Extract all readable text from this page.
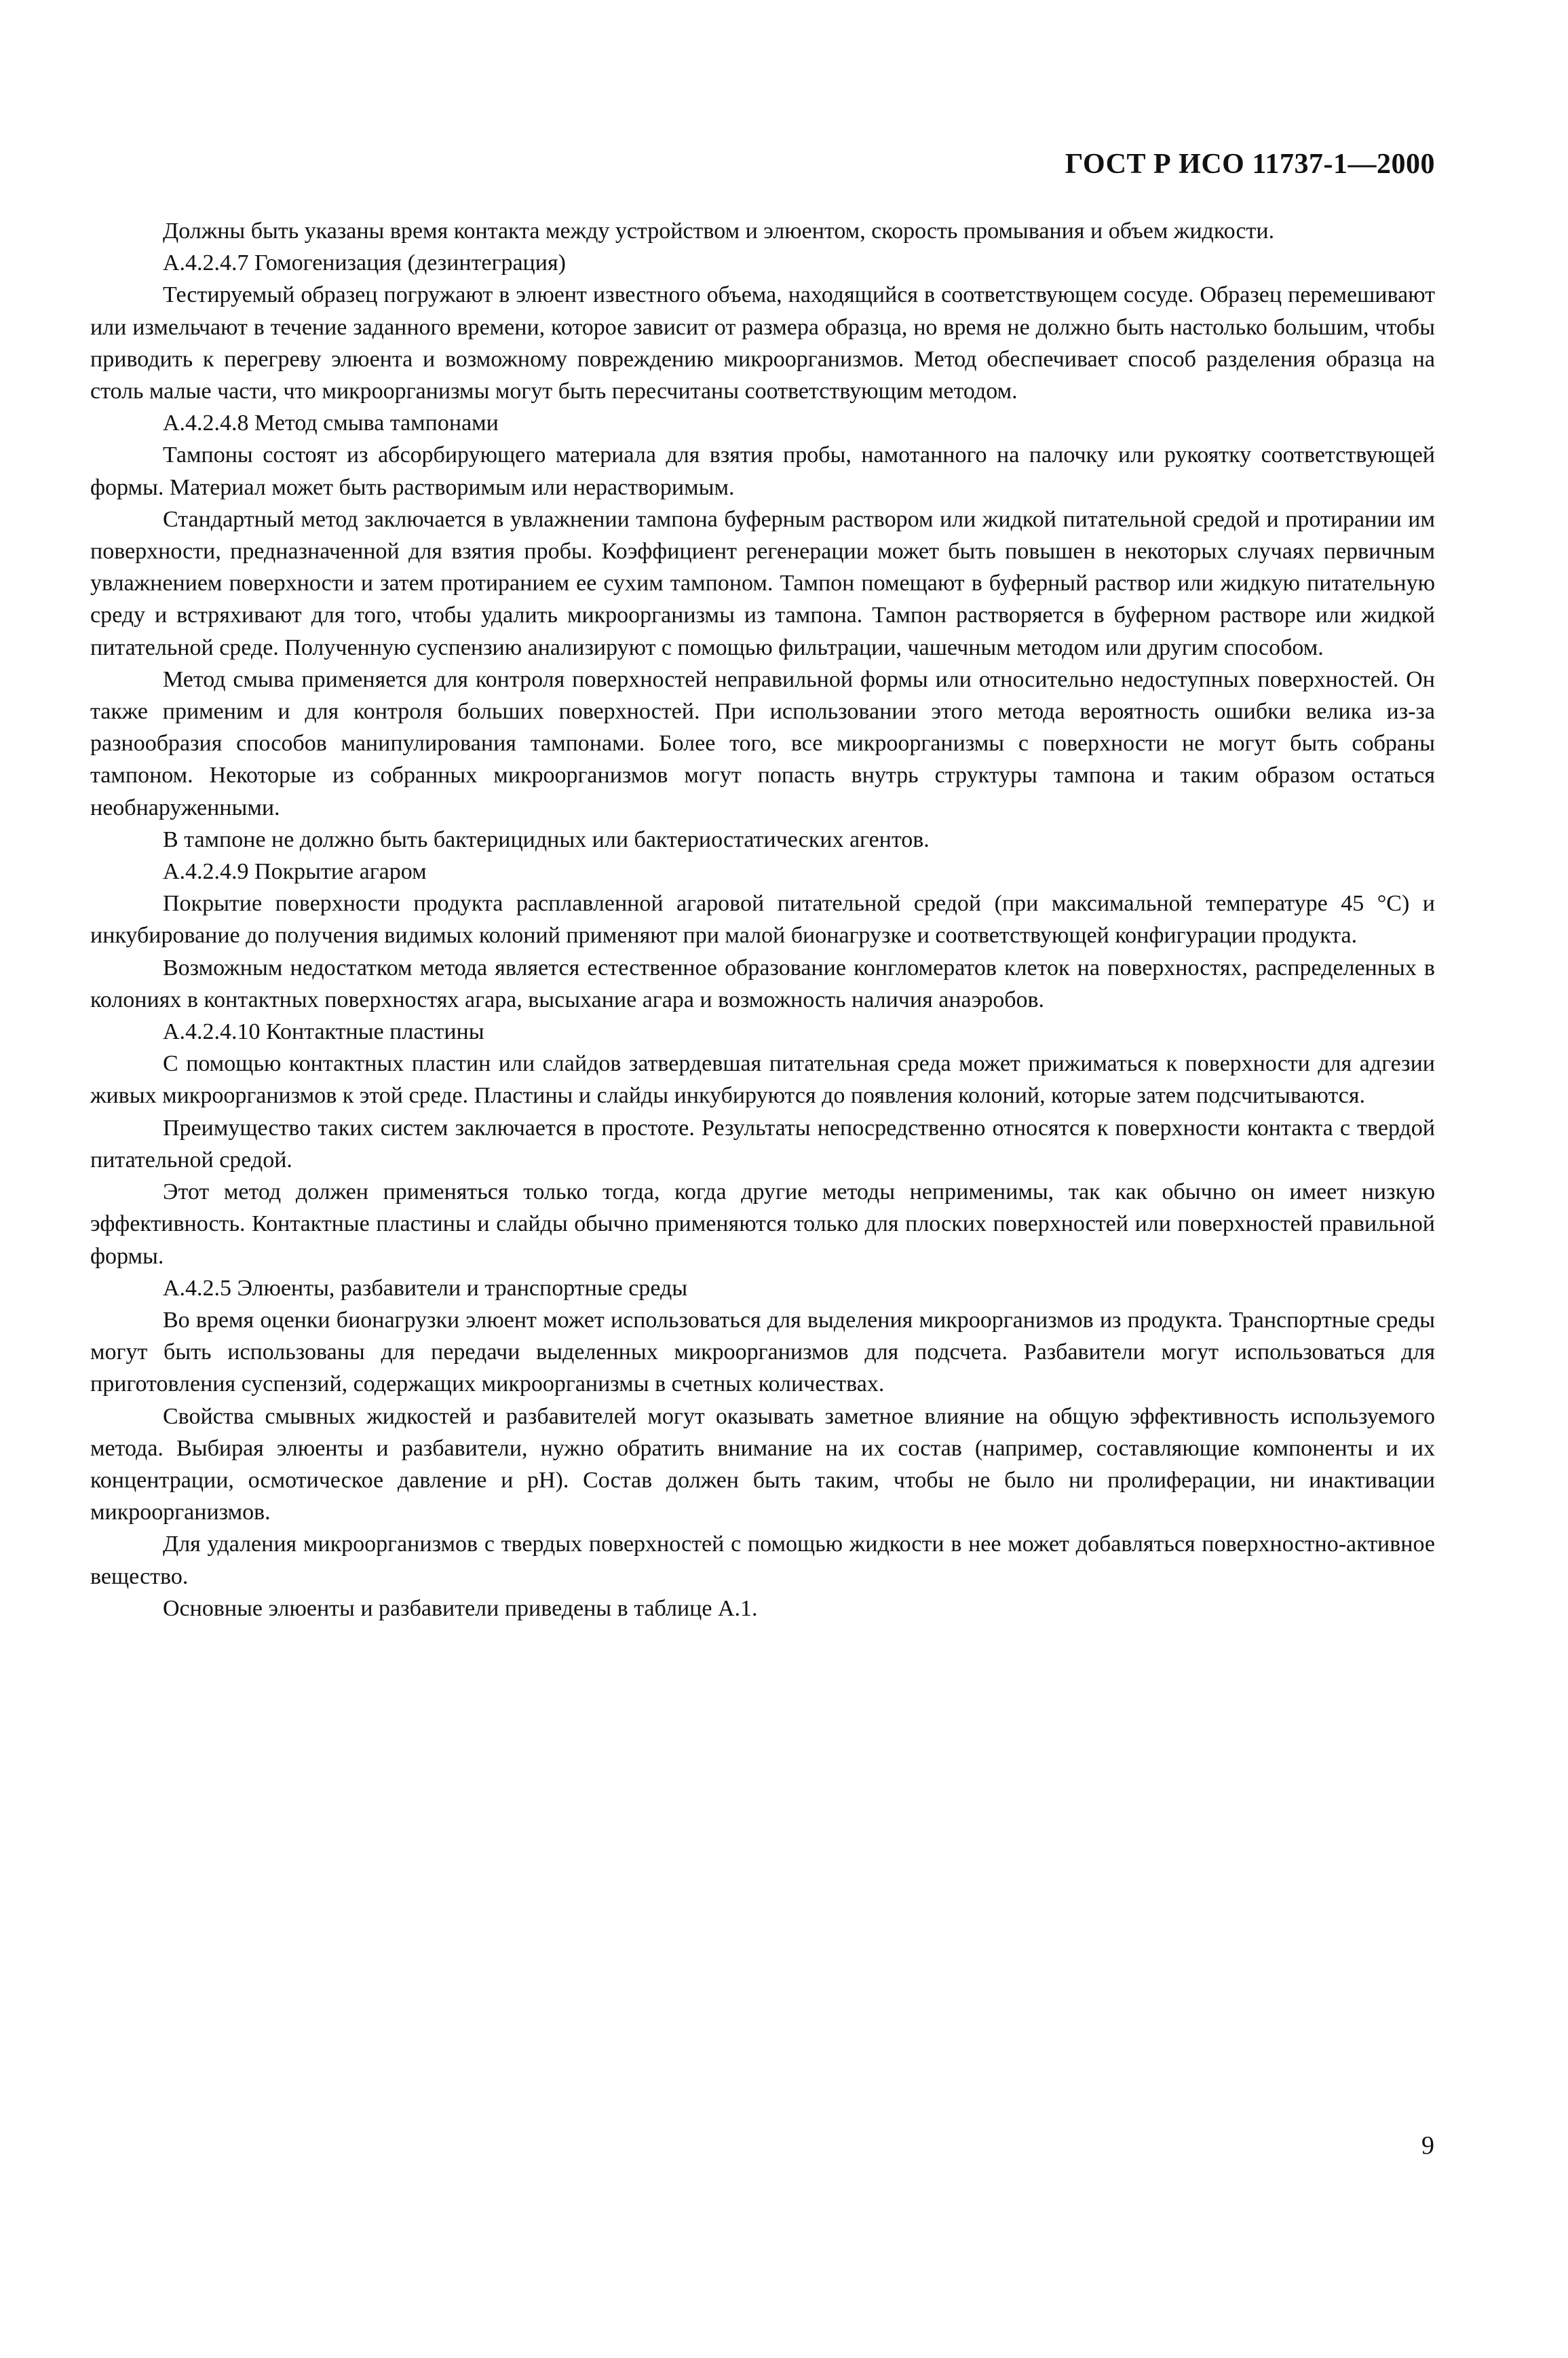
ГОСТ Р ИСО 11737-1—2000

Должны быть указаны время контакта между устройством и элюентом, скорость промывания и объем жидкости.

А.4.2.4.7 Гомогенизация (дезинтеграция)

Тестируемый образец погружают в элюент известного объема, находящийся в соответствующем сосуде. Образец перемешивают или измельчают в течение заданного времени, которое зависит от размера образца, но время не должно быть настолько большим, чтобы приводить к перегреву элюента и возможному повреждению микроорганизмов. Метод обеспечивает способ разделения образца на столь малые части, что микроорганизмы могут быть пересчитаны соответствующим методом.

А.4.2.4.8 Метод смыва тампонами

Тампоны состоят из абсорбирующего материала для взятия пробы, намотанного на палочку или рукоятку соответствующей формы. Материал может быть растворимым или нерастворимым.

Стандартный метод заключается в увлажнении тампона буферным раствором или жидкой питательной средой и протирании им поверхности, предназначенной для взятия пробы. Коэффициент регенерации может быть повышен в некоторых случаях первичным увлажнением поверхности и затем протиранием ее сухим тампоном. Тампон помещают в буферный раствор или жидкую питательную среду и встряхивают для того, чтобы удалить микроорганизмы из тампона. Тампон растворяется в буферном растворе или жидкой питательной среде. Полученную суспензию анализируют с помощью фильтрации, чашечным методом или другим способом.

Метод смыва применяется для контроля поверхностей неправильной формы или относительно недоступных поверхностей. Он также применим и для контроля больших поверхностей. При использовании этого метода вероятность ошибки велика из-за разнообразия способов манипулирования тампонами. Более того, все микроорганизмы с поверхности не могут быть собраны тампоном. Некоторые из собранных микроорганизмов могут попасть внутрь структуры тампона и таким образом остаться необнаруженными.

В тампоне не должно быть бактерицидных или бактериостатических агентов.

А.4.2.4.9 Покрытие агаром

Покрытие поверхности продукта расплавленной агаровой питательной средой (при максимальной температуре 45 °С) и инкубирование до получения видимых колоний применяют при малой бионагрузке и соответствующей конфигурации продукта.

Возможным недостатком метода является естественное образование конгломератов клеток на поверхностях, распределенных в колониях в контактных поверхностях агара, высыхание агара и возможность наличия анаэробов.

А.4.2.4.10 Контактные пластины

С помощью контактных пластин или слайдов затвердевшая питательная среда может прижиматься к поверхности для адгезии живых микроорганизмов к этой среде. Пластины и слайды инкубируются до появления колоний, которые затем подсчитываются.

Преимущество таких систем заключается в простоте. Результаты непосредственно относятся к поверхности контакта с твердой питательной средой.

Этот метод должен применяться только тогда, когда другие методы неприменимы, так как обычно он имеет низкую эффективность. Контактные пластины и слайды обычно применяются только для плоских поверхностей или поверхностей правильной формы.

А.4.2.5 Элюенты, разбавители и транспортные среды

Во время оценки бионагрузки элюент может использоваться для выделения микроорганизмов из продукта. Транспортные среды могут быть использованы для передачи выделенных микроорганизмов для подсчета. Разбавители могут использоваться для приготовления суспензий, содержащих микроорганизмы в счетных количествах.

Свойства смывных жидкостей и разбавителей могут оказывать заметное влияние на общую эффективность используемого метода. Выбирая элюенты и разбавители, нужно обратить внимание на их состав (например, составляющие компоненты и их концентрации, осмотическое давление и pH). Состав должен быть таким, чтобы не было ни пролиферации, ни инактивации микроорганизмов.

Для удаления микроорганизмов с твердых поверхностей с помощью жидкости в нее может добавляться поверхностно-активное вещество.

Основные элюенты и разбавители приведены в таблице А.1.

9
